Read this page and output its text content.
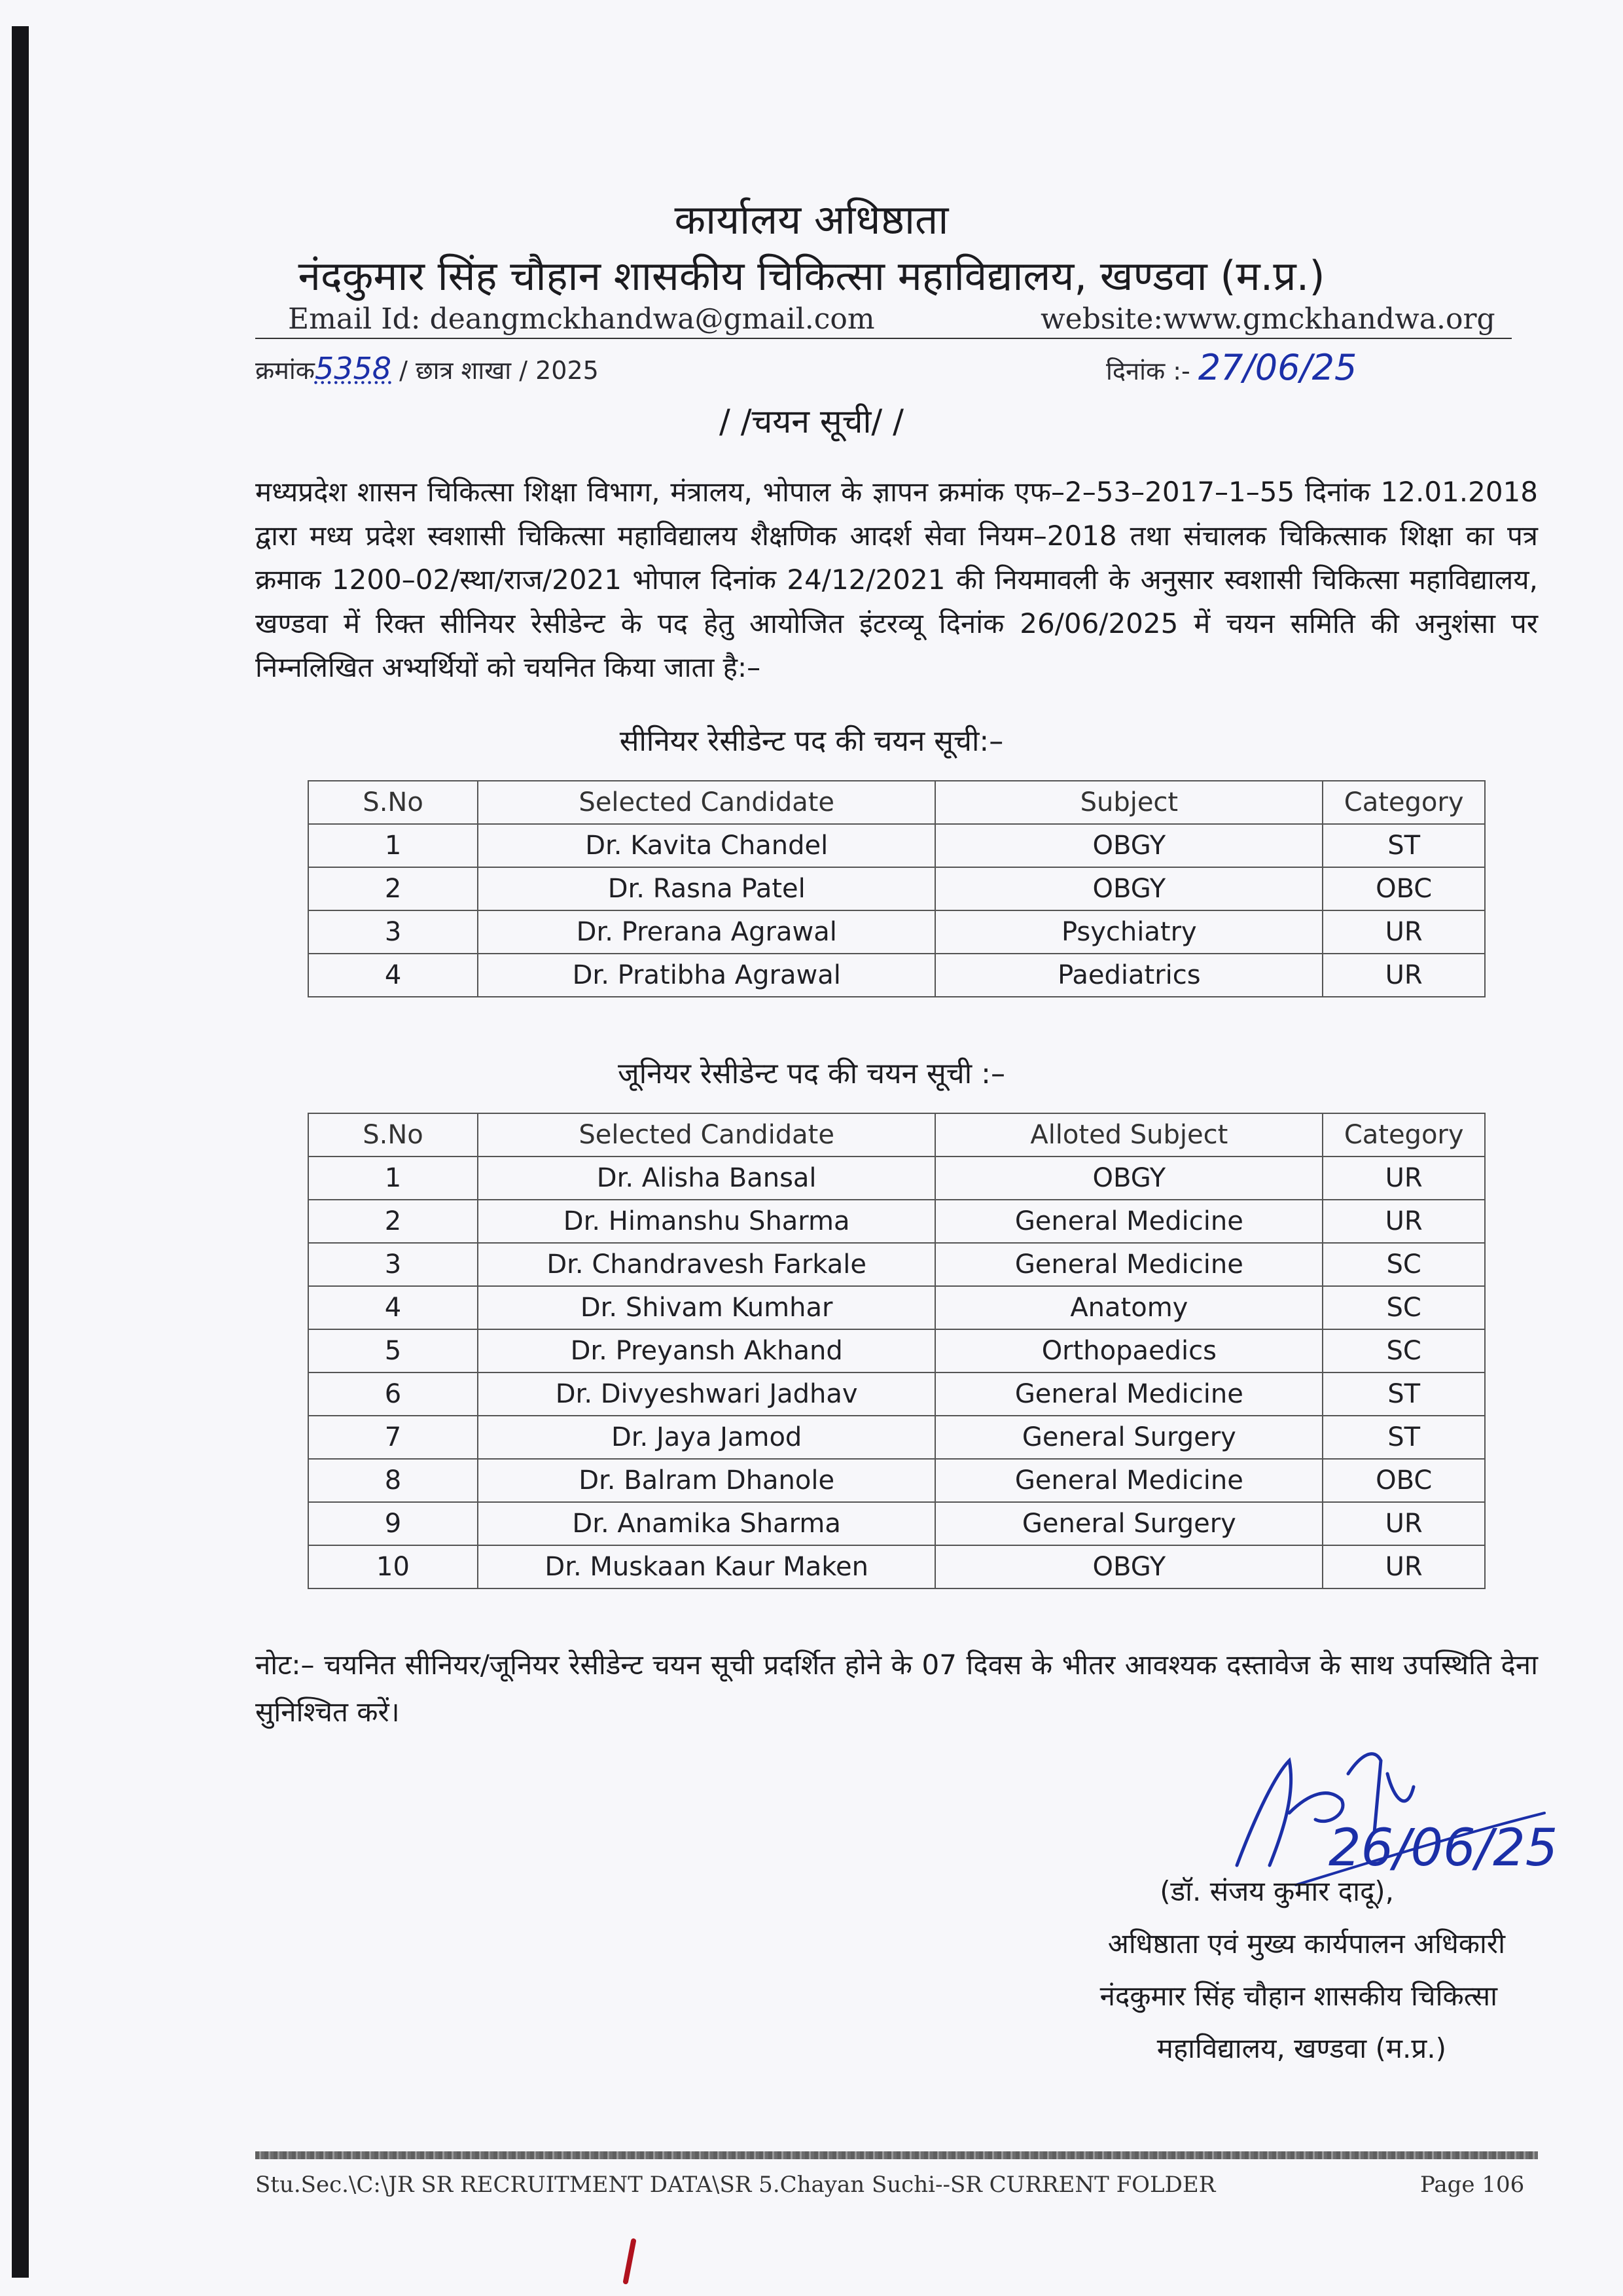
कार्यालय अधिष्ठाता
नंदकुमार सिंह चौहान शासकीय चिकित्सा महाविद्यालय, खण्डवा (म.प्र.)
Email Id: deangmckhandwa@gmail.com	website:www.gmckhandwa.org
क्रमांक5358 / छात्र शाखा / 2025	दिनांक :- 27/06/25
/ /चयन सूची/ /
मध्यप्रदेश शासन चिकित्सा शिक्षा विभाग, मंत्रालय, भोपाल के ज्ञापन क्रमांक एफ–2–53–2017–1–55 दिनांक 12.01.2018 द्वारा मध्य प्रदेश स्वशासी चिकित्सा महाविद्यालय शैक्षणिक आदर्श सेवा नियम–2018 तथा संचालक चिकित्साक शिक्षा का पत्र क्रमाक 1200–02/स्था/राज/2021 भोपाल दिनांक 24/12/2021 की नियमावली के अनुसार स्वशासी चिकित्सा महाविद्यालय, खण्डवा में रिक्त सीनियर रेसीडेन्ट के पद हेतु आयोजित इंटरव्यू दिनांक 26/06/2025 में चयन समिति की अनुशंसा पर निम्नलिखित अभ्यर्थियों को चयनित किया जाता है:–
सीनियर रेसीडेन्ट पद की चयन सूची:–
S.No	Selected Candidate	Subject	Category
1	Dr. Kavita Chandel	OBGY	ST
2	Dr. Rasna Patel	OBGY	OBC
3	Dr. Prerana Agrawal	Psychiatry	UR
4	Dr. Pratibha Agrawal	Paediatrics	UR
जूनियर रेसीडेन्ट पद की चयन सूची :–
S.No	Selected Candidate	Alloted Subject	Category
1	Dr. Alisha Bansal	OBGY	UR
2	Dr. Himanshu Sharma	General Medicine	UR
3	Dr. Chandravesh Farkale	General Medicine	SC
4	Dr. Shivam Kumhar	Anatomy	SC
5	Dr. Preyansh Akhand	Orthopaedics	SC
6	Dr. Divyeshwari Jadhav	General Medicine	ST
7	Dr. Jaya Jamod	General Surgery	ST
8	Dr. Balram Dhanole	General Medicine	OBC
9	Dr. Anamika Sharma	General Surgery	UR
10	Dr. Muskaan Kaur Maken	OBGY	UR
नोट:– चयनित सीनियर/जूनियर रेसीडेन्ट चयन सूची प्रदर्शित होने के 07 दिवस के भीतर आवश्यक दस्तावेज के साथ उपस्थिति देना सुनिश्चित करें।
26/06/25
(डॉ. संजय कुमार दादू),
अधिष्ठाता एवं मुख्य कार्यपालन अधिकारी
नंदकुमार सिंह चौहान शासकीय चिकित्सा
महाविद्यालय, खण्डवा (म.प्र.)
Stu.Sec.\C:\JR SR RECRUITMENT DATA\SR 5.Chayan Suchi--SR CURRENT FOLDER	Page 106
